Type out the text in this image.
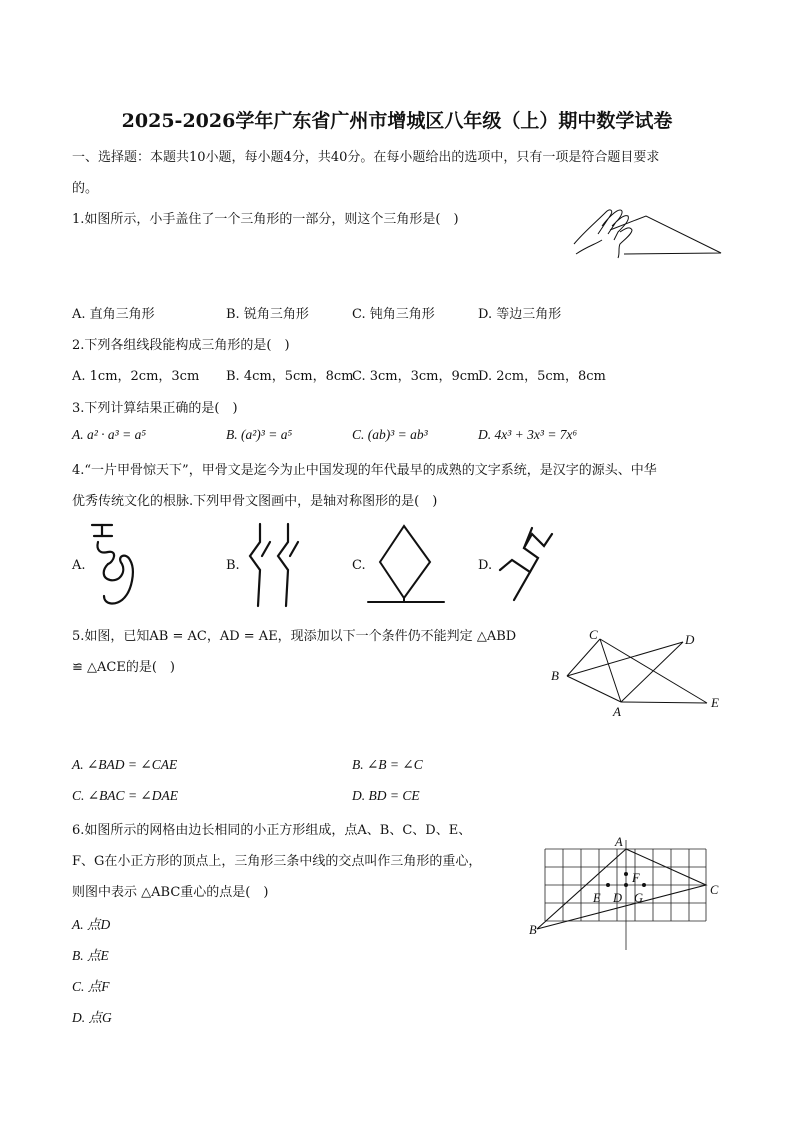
2025-2026学年广东省广州市增城区八年级（上）期中数学试卷
一、选择题：本题共10小题，每小题4分，共40分。在每小题给出的选项中，只有一项是符合题目要求
的。
1.如图所示，小手盖住了一个三角形的一部分，则这个三角形是(　)
A. 直角三角形	B. 锐角三角形	C. 钝角三角形	D. 等边三角形
2.下列各组线段能构成三角形的是(　)
A. 1cm，2cm，3cm B. 4cm，5cm，8cm
C. 3cm，3cm，9cm
D. 2cm，5cm，8cm
3.下列计算结果正确的是(　)
A. a² · a³ = a⁵	B. (a²)³ = a⁵	C. (ab)³ = ab³	D. 4x³ + 3x³ = 7x⁶
4.“一片甲骨惊天下”，甲骨文是迄今为止中国发现的年代最早的成熟的文字系统，是汉字的源头、中华
优秀传统文化的根脉.下列甲骨文图画中，是轴对称图形的是(　)
A.	B.	C.	D.
5.如图，已知AB = AC，AD = AE，现添加以下一个条件仍不能判定 △ABD
≌ △ACE的是(　)
C	D
B
A
E
A. ∠BAD = ∠CAE	B. ∠B = ∠C
C. ∠BAC = ∠DAE	D. BD = CE
6.如图所示的网格由边长相同的小正方形组成，点A、B、C、D、E、
F、G在小正方形的顶点上，三角形三条中线的交点叫作三角形的重心，
则图中表示 △ABC重心的点是(　)
A
B
C
D
E
F
G
A. 点D
B. 点E
C. 点F
D. 点G
